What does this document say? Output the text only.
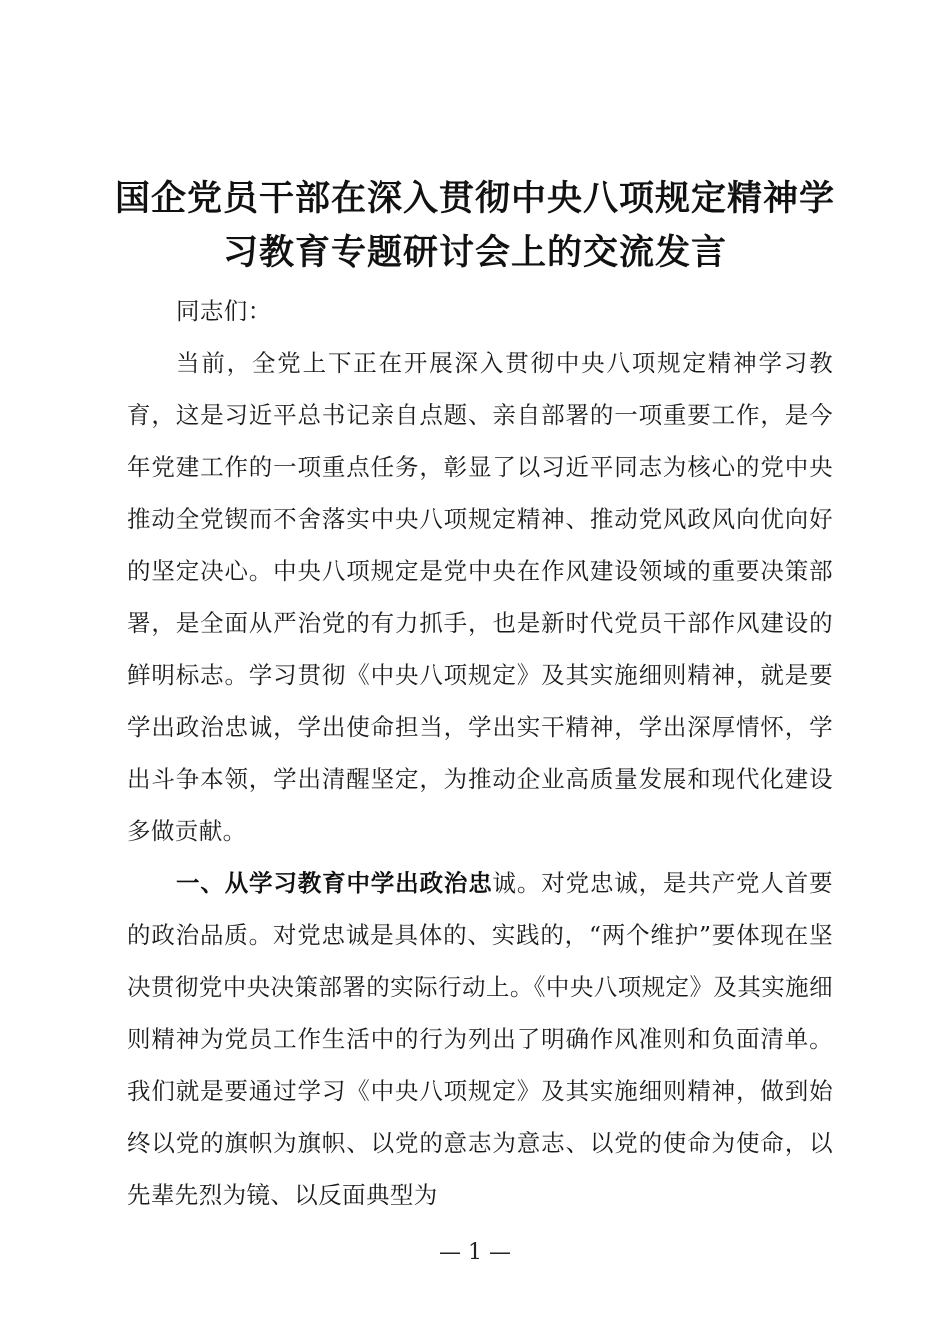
国企党员干部在深入贯彻中央八项规定精神学
习教育专题研讨会上的交流发言

同志们：

当前，全党上下正在开展深入贯彻中央八项规定精神学习教育，这是习近平总书记亲自点题、亲自部署的一项重要工作，是今年党建工作的一项重点任务，彰显了以习近平同志为核心的党中央推动全党锲而不舍落实中央八项规定精神、推动党风政风向优向好的坚定决心。中央八项规定是党中央在作风建设领域的重要决策部署，是全面从严治党的有力抓手，也是新时代党员干部作风建设的鲜明标志。学习贯彻《中央八项规定》及其实施细则精神，就是要学出政治忠诚，学出使命担当，学出实干精神，学出深厚情怀，学出斗争本领，学出清醒坚定，为推动企业高质量发展和现代化建设多做贡献。

一、从学习教育中学出政治忠诚。对党忠诚，是共产党人首要的政治品质。对党忠诚是具体的、实践的，“两个维护”要体现在坚决贯彻党中央决策部署的实际行动上。《中央八项规定》及其实施细则精神为党员工作生活中的行为列出了明确作风准则和负面清单。我们就是要通过学习《中央八项规定》及其实施细则精神，做到始终以党的旗帜为旗帜、以党的意志为意志、以党的使命为使命，以先辈先烈为镜、以反面典型为

— 1 —
